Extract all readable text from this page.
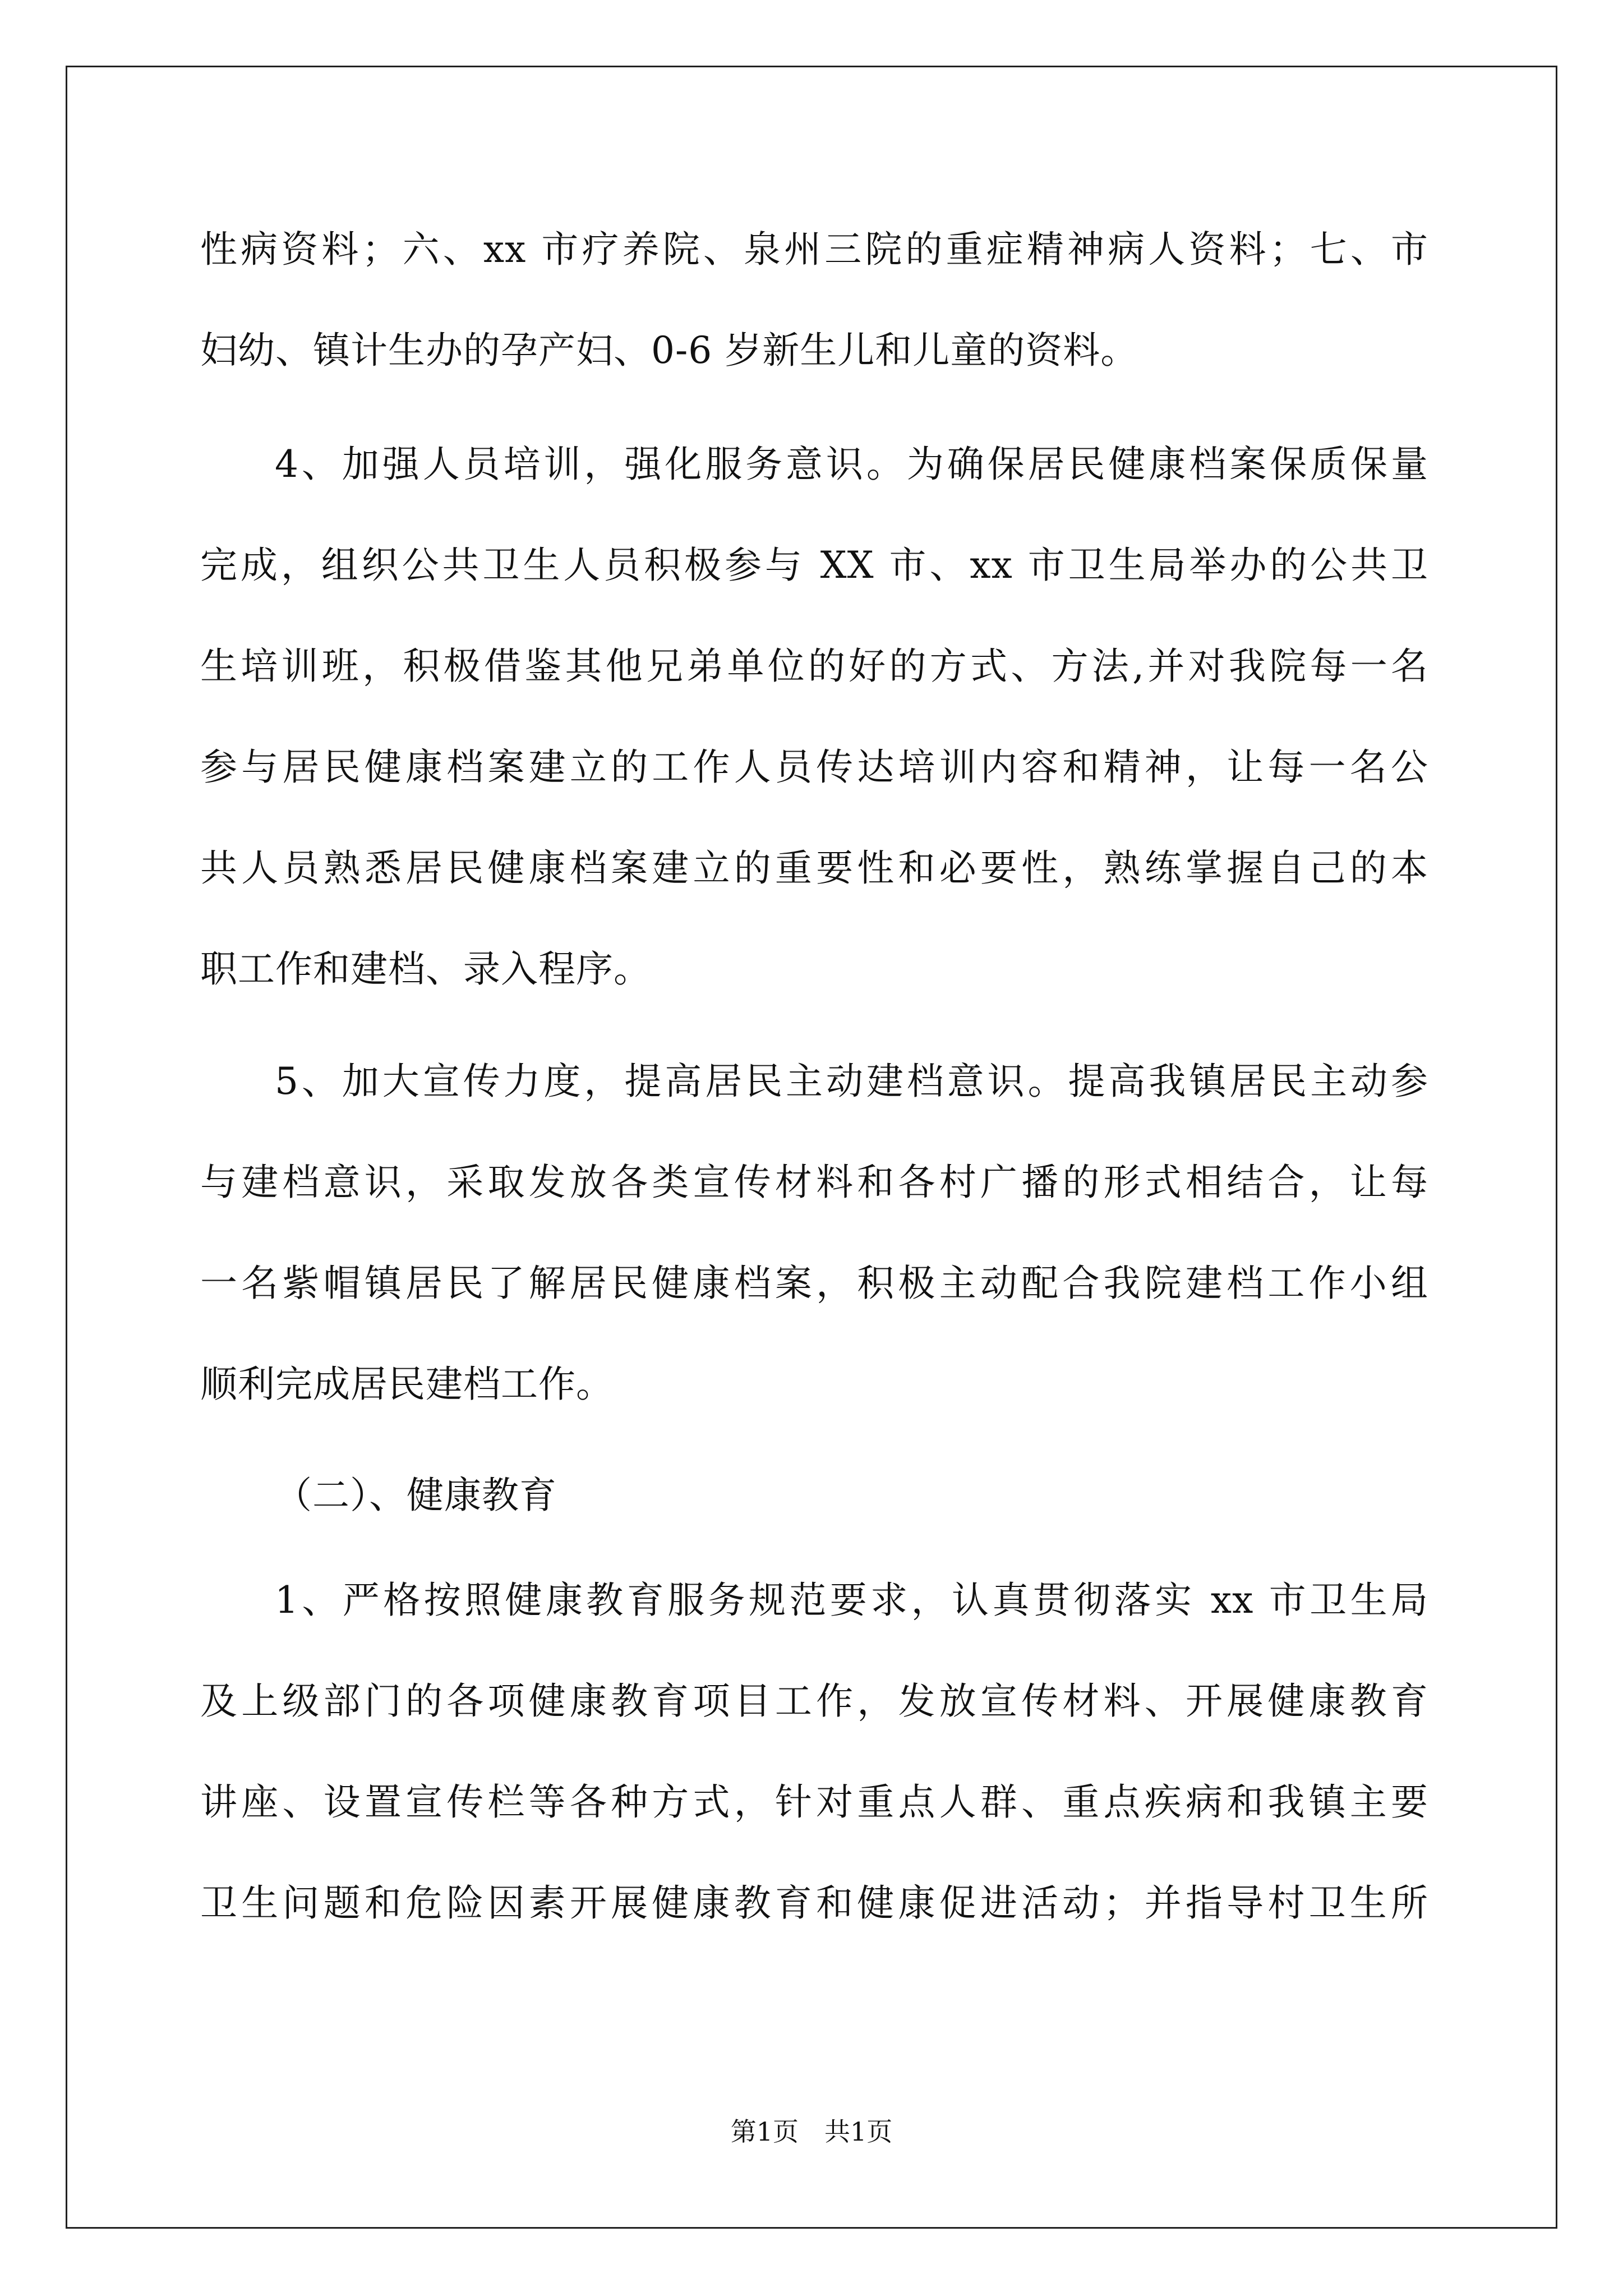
性病资料；六、xx 市疗养院、泉州三院的重症精神病人资料；七、市

妇幼、镇计生办的孕产妇、0-6 岁新生儿和儿童的资料。

4、加强人员培训，强化服务意识。为确保居民健康档案保质保量

完成，组织公共卫生人员积极参与 XX 市、xx 市卫生局举办的公共卫

生培训班，积极借鉴其他兄弟单位的好的方式、方法,并对我院每一名

参与居民健康档案建立的工作人员传达培训内容和精神，让每一名公

共人员熟悉居民健康档案建立的重要性和必要性，熟练掌握自己的本

职工作和建档、录入程序。

5、加大宣传力度，提高居民主动建档意识。提高我镇居民主动参

与建档意识，采取发放各类宣传材料和各村广播的形式相结合，让每

一名紫帽镇居民了解居民健康档案，积极主动配合我院建档工作小组

顺利完成居民建档工作。

（二）、健康教育

1、严格按照健康教育服务规范要求，认真贯彻落实 xx 市卫生局

及上级部门的各项健康教育项目工作，发放宣传材料、开展健康教育

讲座、设置宣传栏等各种方式，针对重点人群、重点疾病和我镇主要

卫生问题和危险因素开展健康教育和健康促进活动；并指导村卫生所

第1页　共1页
